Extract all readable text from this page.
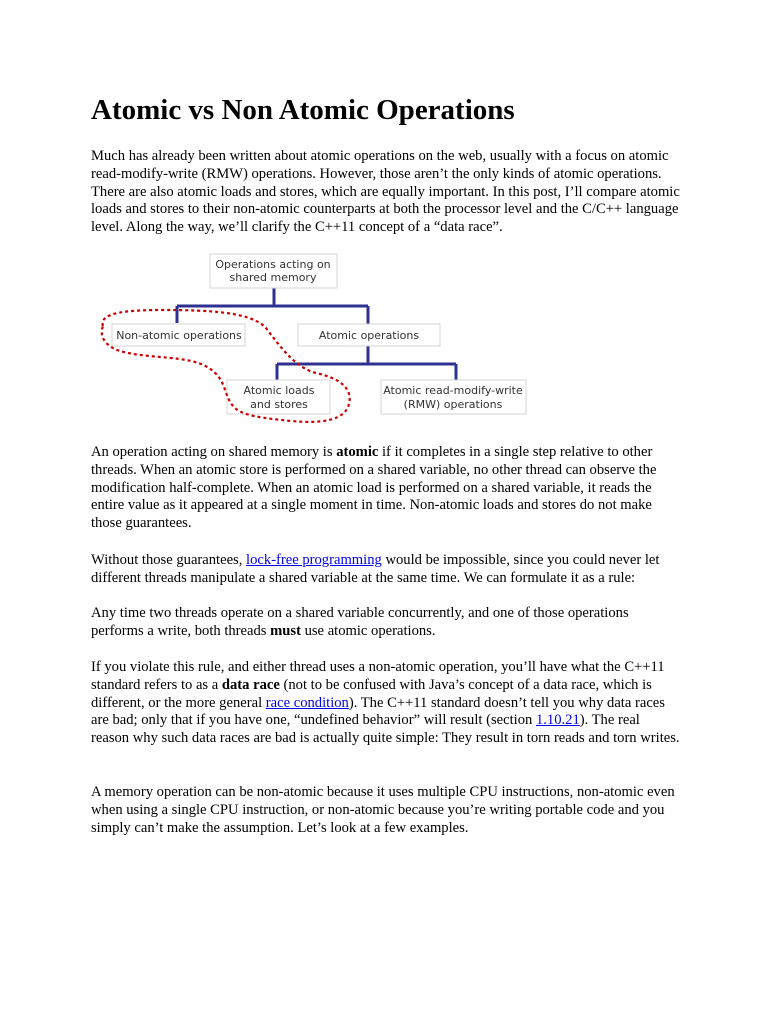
Atomic vs Non Atomic Operations

Much has already been written about atomic operations on the web, usually with a focus on atomic read-modify-write (RMW) operations. However, those aren’t the only kinds of atomic operations. There are also atomic loads and stores, which are equally important. In this post, I’ll compare atomic loads and stores to their non-atomic counterparts at both the processor level and the C/C++ language level. Along the way, we’ll clarify the C++11 concept of a “data race”.

Operations acting on
shared memory
Non-atomic operations	Atomic operations
Atomic loads
and stores
Atomic read-modify-write
(RMW) operations

An operation acting on shared memory is atomic if it completes in a single step relative to other threads. When an atomic store is performed on a shared variable, no other thread can observe the modification half-complete. When an atomic load is performed on a shared variable, it reads the entire value as it appeared at a single moment in time. Non-atomic loads and stores do not make those guarantees.

Without those guarantees, lock-free programming would be impossible, since you could never let different threads manipulate a shared variable at the same time. We can formulate it as a rule:

Any time two threads operate on a shared variable concurrently, and one of those operations performs a write, both threads must use atomic operations.

If you violate this rule, and either thread uses a non-atomic operation, you’ll have what the C++11 standard refers to as a data race (not to be confused with Java’s concept of a data race, which is different, or the more general race condition). The C++11 standard doesn’t tell you why data races are bad; only that if you have one, “undefined behavior” will result (section 1.10.21). The real reason why such data races are bad is actually quite simple: They result in torn reads and torn writes.

A memory operation can be non-atomic because it uses multiple CPU instructions, non-atomic even when using a single CPU instruction, or non-atomic because you’re writing portable code and you simply can’t make the assumption. Let’s look at a few examples.
